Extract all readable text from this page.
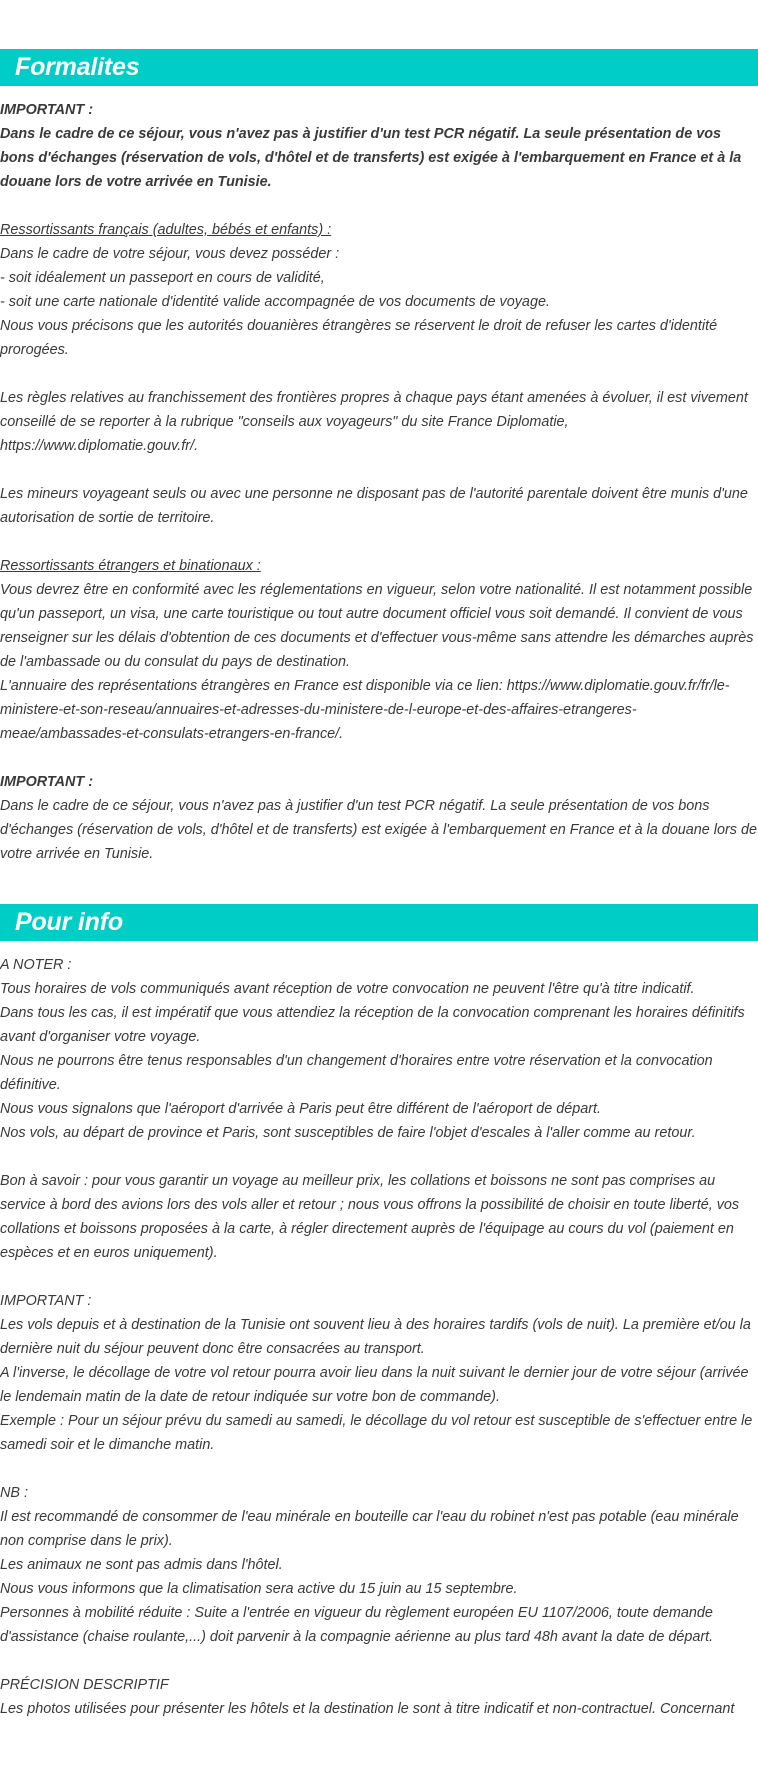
Formalites

IMPORTANT :

Dans le cadre de ce séjour, vous n'avez pas à justifier d'un test PCR négatif. La seule présentation de vos bons d'échanges (réservation de vols, d'hôtel et de transferts) est exigée à l'embarquement en France et à la douane lors de votre arrivée en Tunisie.

Ressortissants français (adultes, bébés et enfants) :

Dans le cadre de votre séjour, vous devez posséder :

- soit idéalement un passeport en cours de validité,

- soit une carte nationale d'identité valide accompagnée de vos documents de voyage.

Nous vous précisons que les autorités douanières étrangères se réservent le droit de refuser les cartes d'identité prorogées.

Les règles relatives au franchissement des frontières propres à chaque pays étant amenées à évoluer, il est vivement conseillé de se reporter à la rubrique "conseils aux voyageurs" du site France Diplomatie, https://www.diplomatie.gouv.fr/.

Les mineurs voyageant seuls ou avec une personne ne disposant pas de l'autorité parentale doivent être munis d'une autorisation de sortie de territoire.

Ressortissants étrangers et binationaux :

Vous devrez être en conformité avec les réglementations en vigueur, selon votre nationalité. Il est notamment possible qu'un passeport, un visa, une carte touristique ou tout autre document officiel vous soit demandé. Il convient de vous renseigner sur les délais d'obtention de ces documents et d'effectuer vous-même sans attendre les démarches auprès de l'ambassade ou du consulat du pays de destination.

L'annuaire des représentations étrangères en France est disponible via ce lien: https://www.diplomatie.gouv.fr/fr/le-ministere-et-son-reseau/annuaires-et-adresses-du-ministere-de-l-europe-et-des-affaires-etrangeres-meae/ambassades-et-consulats-etrangers-en-france/.

IMPORTANT :

Dans le cadre de ce séjour, vous n'avez pas à justifier d'un test PCR négatif. La seule présentation de vos bons d'échanges (réservation de vols, d'hôtel et de transferts) est exigée à l'embarquement en France et à la douane lors de votre arrivée en Tunisie.

Pour info

A NOTER :

Tous horaires de vols communiqués avant réception de votre convocation ne peuvent l'être qu'à titre indicatif.

Dans tous les cas, il est impératif que vous attendiez la réception de la convocation comprenant les horaires définitifs avant d'organiser votre voyage.

Nous ne pourrons être tenus responsables d'un changement d'horaires entre votre réservation et la convocation définitive.

Nous vous signalons que l'aéroport d'arrivée à Paris peut être différent de l'aéroport de départ.

Nos vols, au départ de province et Paris, sont susceptibles de faire l'objet d'escales à l'aller comme au retour.

Bon à savoir : pour vous garantir un voyage au meilleur prix, les collations et boissons ne sont pas comprises au service à bord des avions lors des vols aller et retour ; nous vous offrons la possibilité de choisir en toute liberté, vos collations et boissons proposées à la carte, à régler directement auprès de l'équipage au cours du vol (paiement en espèces et en euros uniquement).

IMPORTANT :

Les vols depuis et à destination de la Tunisie ont souvent lieu à des horaires tardifs (vols de nuit). La première et/ou la dernière nuit du séjour peuvent donc être consacrées au transport.

A l'inverse, le décollage de votre vol retour pourra avoir lieu dans la nuit suivant le dernier jour de votre séjour (arrivée le lendemain matin de la date de retour indiquée sur votre bon de commande).

Exemple : Pour un séjour prévu du samedi au samedi, le décollage du vol retour est susceptible de s'effectuer entre le samedi soir et le dimanche matin.

NB :

Il est recommandé de consommer de l'eau minérale en bouteille car l'eau du robinet n'est pas potable (eau minérale non comprise dans le prix).

Les animaux ne sont pas admis dans l'hôtel.

Nous vous informons que la climatisation sera active du 15 juin au 15 septembre.

Personnes à mobilité réduite : Suite a l'entrée en vigueur du règlement européen EU 1107/2006, toute demande d'assistance (chaise roulante,...) doit parvenir à la compagnie aérienne au plus tard 48h avant la date de départ.

PRÉCISION DESCRIPTIF

Les photos utilisées pour présenter les hôtels et la destination le sont à titre indicatif et non-contractuel. Concernant
